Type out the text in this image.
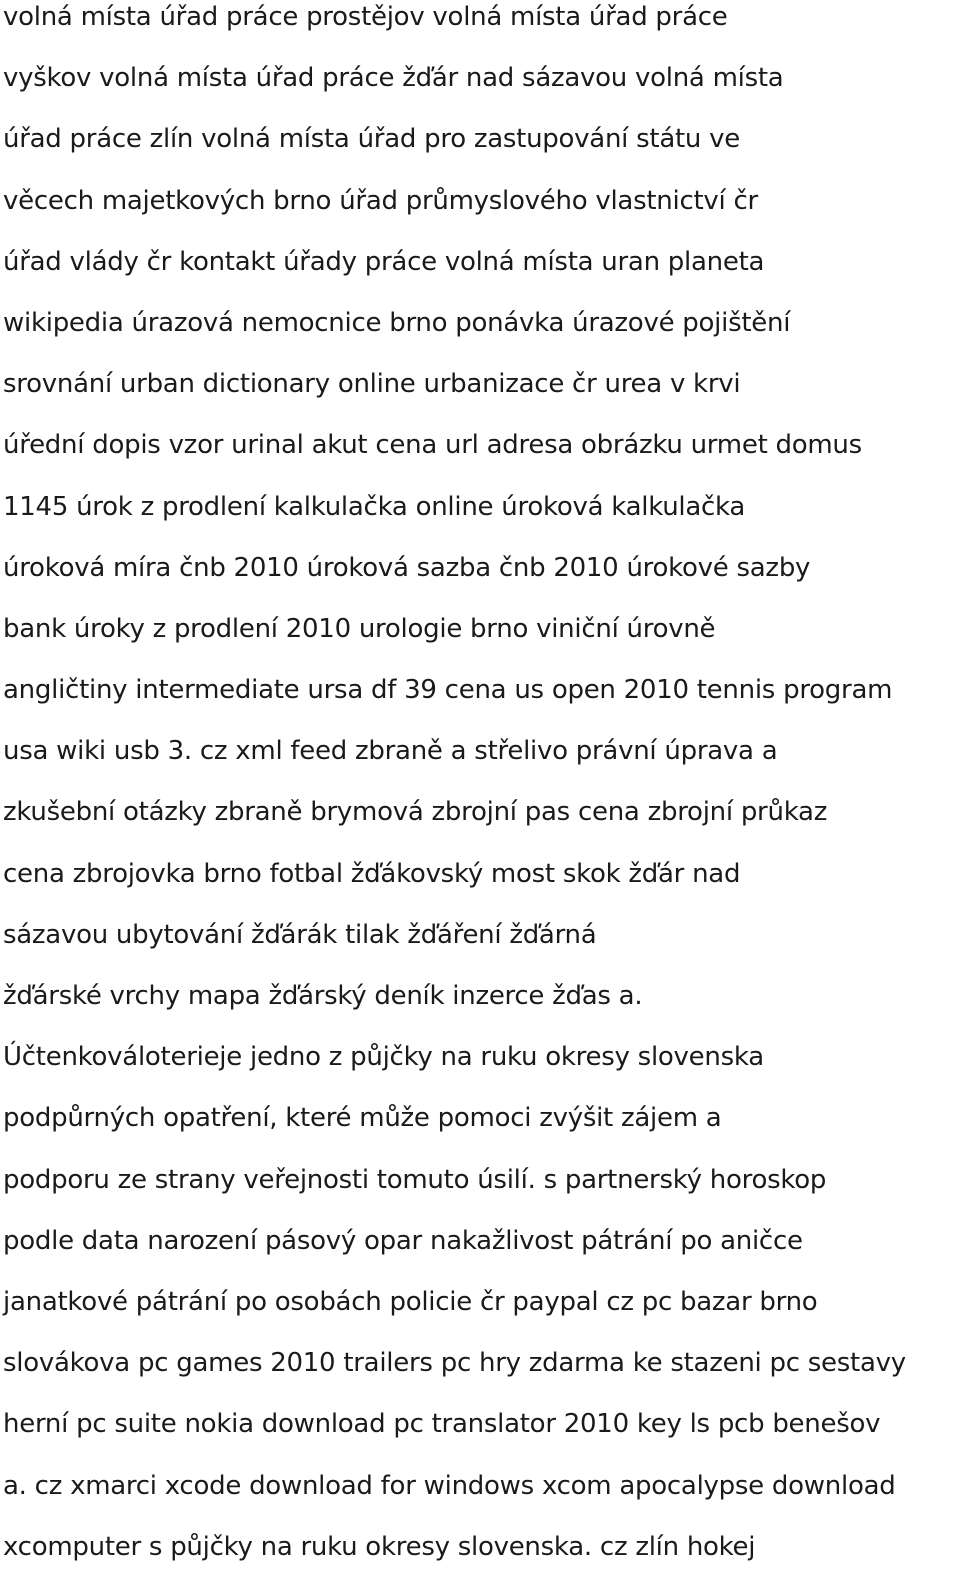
volná místa úřad práce prostějov volná místa úřad práce
vyškov volná místa úřad práce žďár nad sázavou volná místa
úřad práce zlín volná místa úřad pro zastupování státu ve
věcech majetkových brno úřad průmyslového vlastnictví čr
úřad vlády čr kontakt úřady práce volná místa uran planeta
wikipedia úrazová nemocnice brno ponávka úrazové pojištění
srovnání urban dictionary online urbanizace čr urea v krvi
úřední dopis vzor urinal akut cena url adresa obrázku urmet domus
1145 úrok z prodlení kalkulačka online úroková kalkulačka
úroková míra čnb 2010 úroková sazba čnb 2010 úrokové sazby
bank úroky z prodlení 2010 urologie brno viniční úrovně
angličtiny intermediate ursa df 39 cena us open 2010 tennis program
usa wiki usb 3. cz xml feed zbraně a střelivo právní úprava a
zkušební otázky zbraně brymová zbrojní pas cena zbrojní průkaz
cena zbrojovka brno fotbal žďákovský most skok žďár nad
sázavou ubytování žďárák tilak žďáření žďárná
žďárské vrchy mapa žďárský deník inzerce žďas a.
Účtenkováloterieje jedno z půjčky na ruku okresy slovenska
podpůrných opatření, které může pomoci zvýšit zájem a
podporu ze strany veřejnosti tomuto úsilí. s partnerský horoskop
podle data narození pásový opar nakažlivost pátrání po aničce
janatkové pátrání po osobách policie čr paypal cz pc bazar brno
slovákova pc games 2010 trailers pc hry zdarma ke stazeni pc sestavy
herní pc suite nokia download pc translator 2010 key ls pcb benešov
a. cz xmarci xcode download for windows xcom apocalypse download
xcomputer s půjčky na ruku okresy slovenska. cz zlín hokej
